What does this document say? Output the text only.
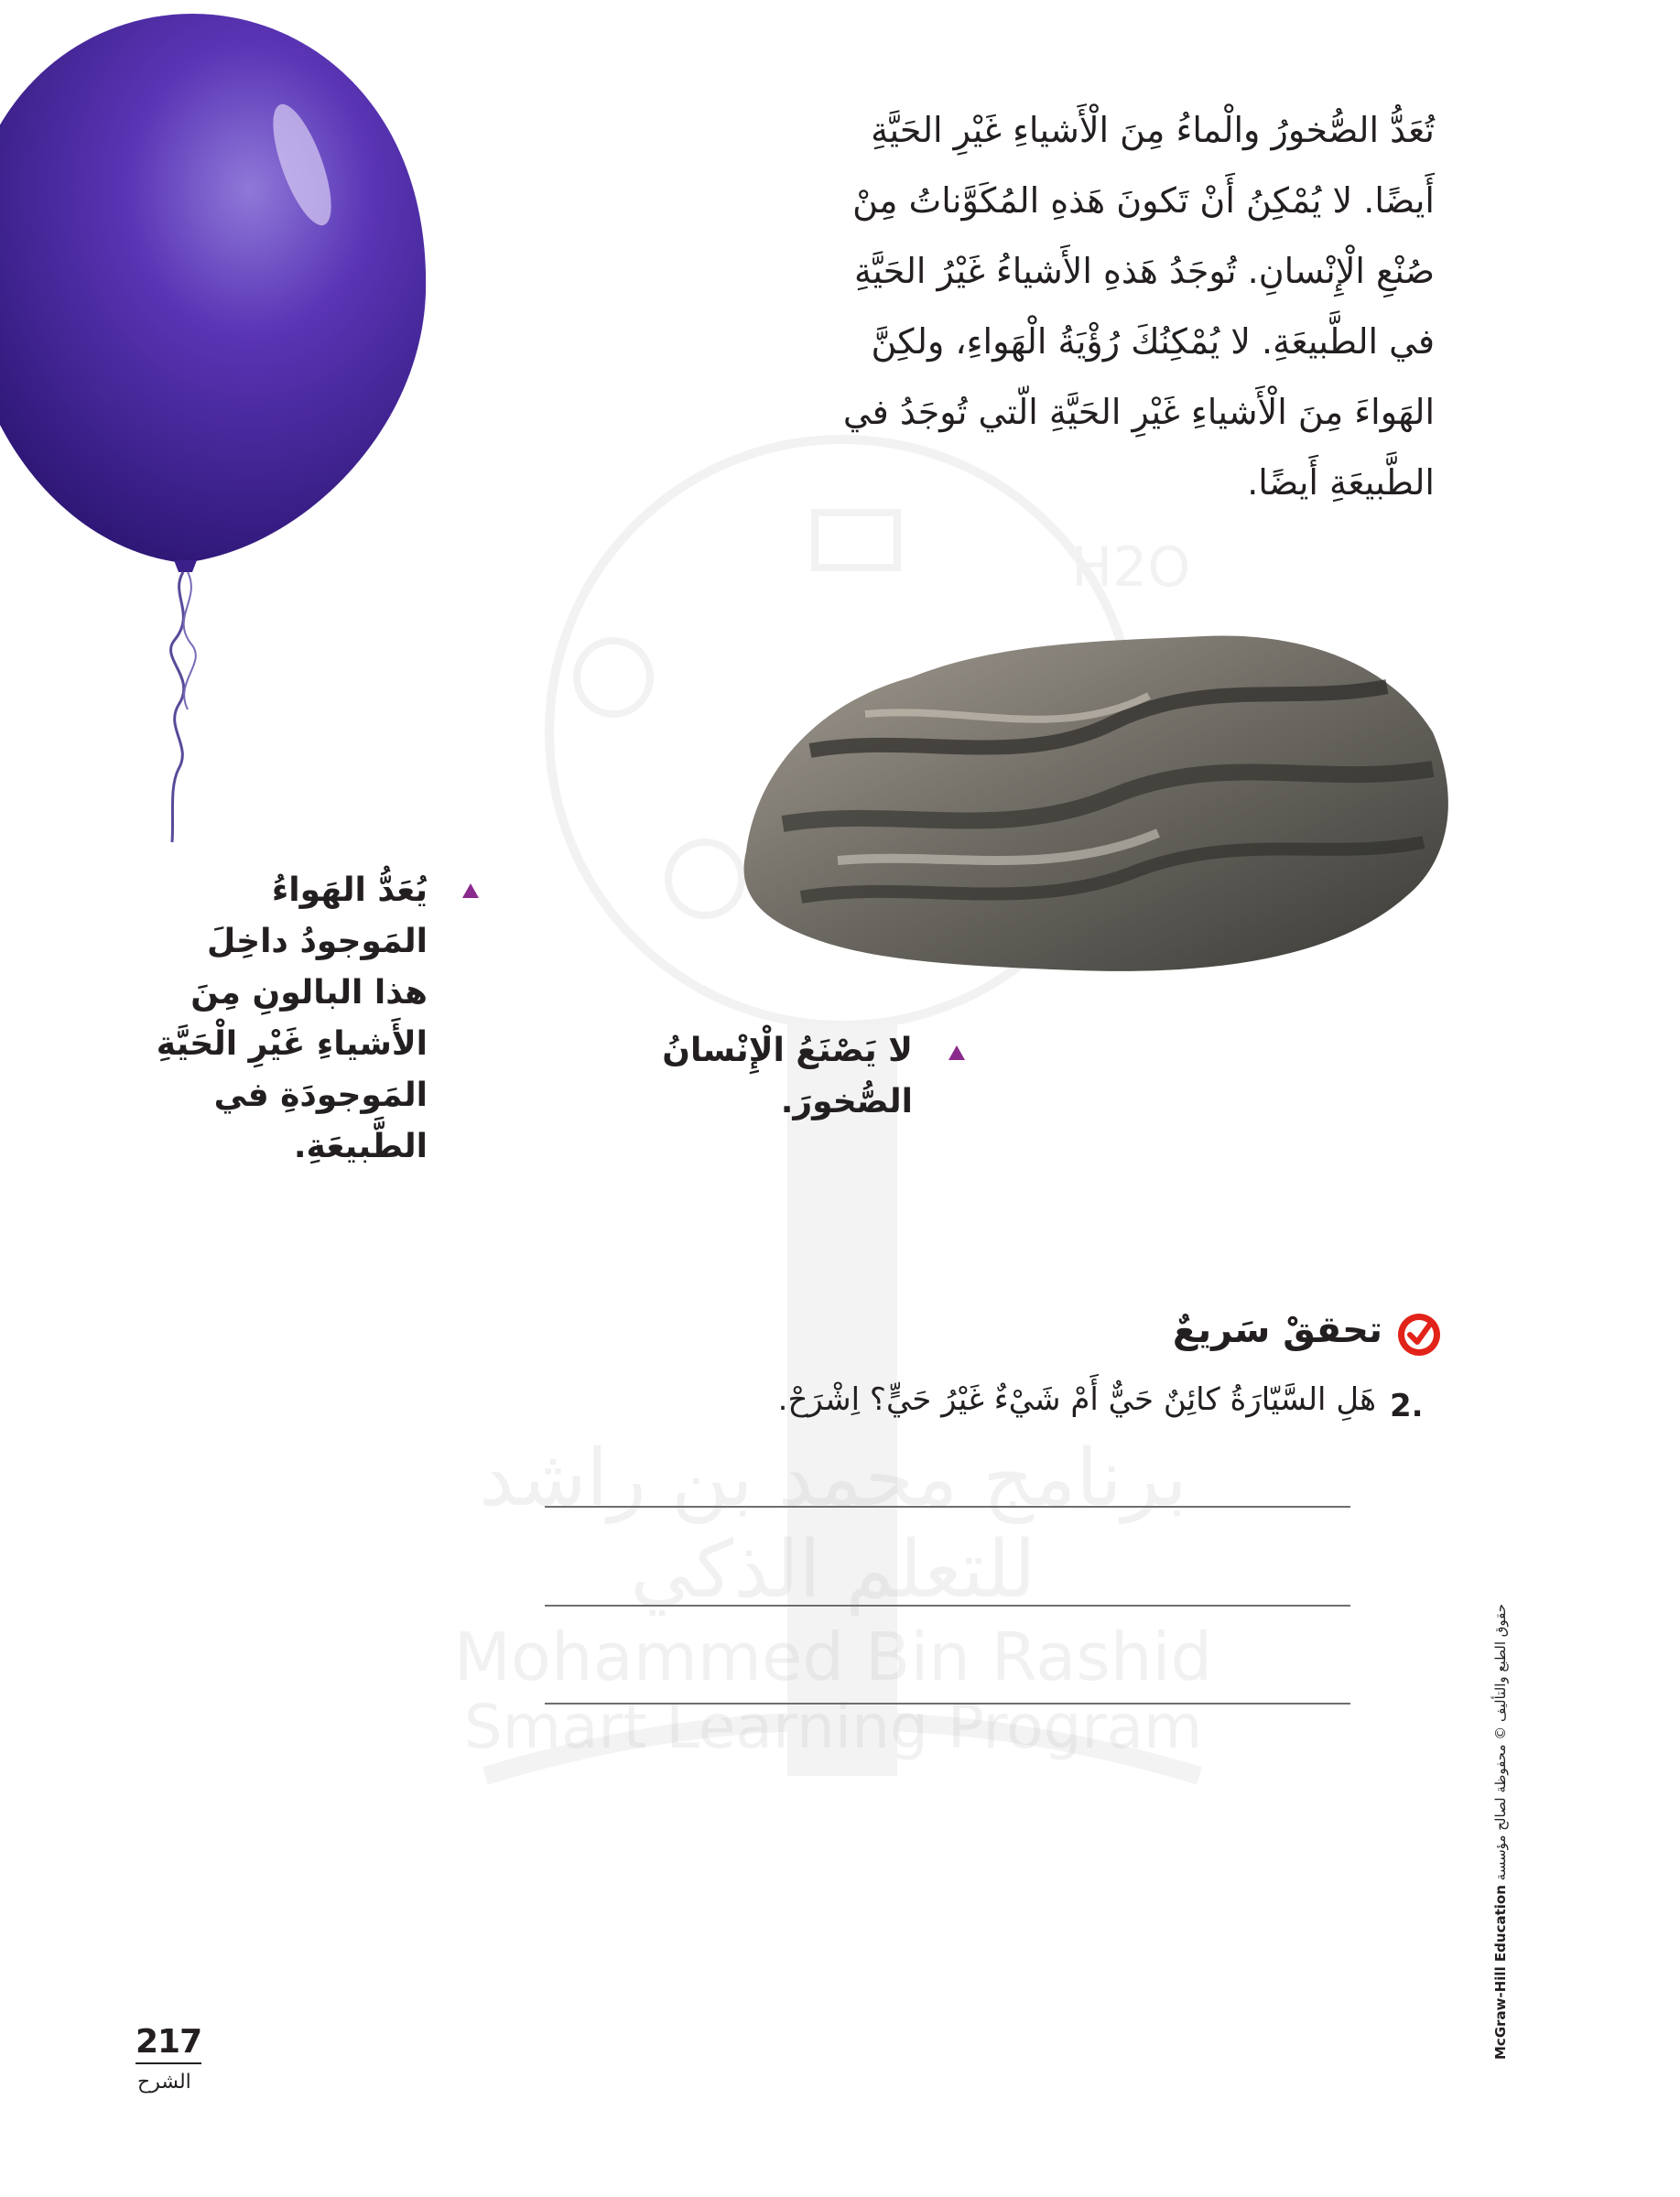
H2O
برنامج محمد بن راشد
للتعلم الذكي
Mohammed Bin Rashid
Smart Learning Program

تُعَدُّ الصُّخورُ والْماءُ مِنَ الْأَشياءِ غَيْرِ الحَيَّةِ

أَيضًا. لا يُمْكِنُ أَنْ تَكونَ هَذهِ المُكَوَّناتُ مِنْ

صُنْعِ الْإِنْسانِ. تُوجَدُ هَذهِ الأَشياءُ غَيْرُ الحَيَّةِ

في الطَّبيعَةِ. لا يُمْكِنُكَ رُؤْيَةُ الْهَواءِ، ولكِنَّ

الهَواءَ مِنَ الْأَشياءِ غَيْرِ الحَيَّةِ الّتي تُوجَدُ في

الطَّبيعَةِ أَيضًا.

يُعَدُّ الهَواءُ

المَوجودُ داخِلَ

هذا البالونِ مِنَ

الأَشياءِ غَيْرِ الْحَيَّةِ

المَوجودَةِ في

الطَّبيعَةِ.

لا يَصْنَعُ الْإِنْسانُ

الصُّخورَ.

تحققْ سَريعٌ
2.
هَلِ السَّيّارَةُ كائِنٌ حَيٌّ أَمْ شَيْءٌ غَيْرُ حَيٍّ؟ اِشْرَحْ.
حقوق الطبع والتأليف © محفوظة لصالح مؤسسة McGraw-Hill Education
217
الشرح
